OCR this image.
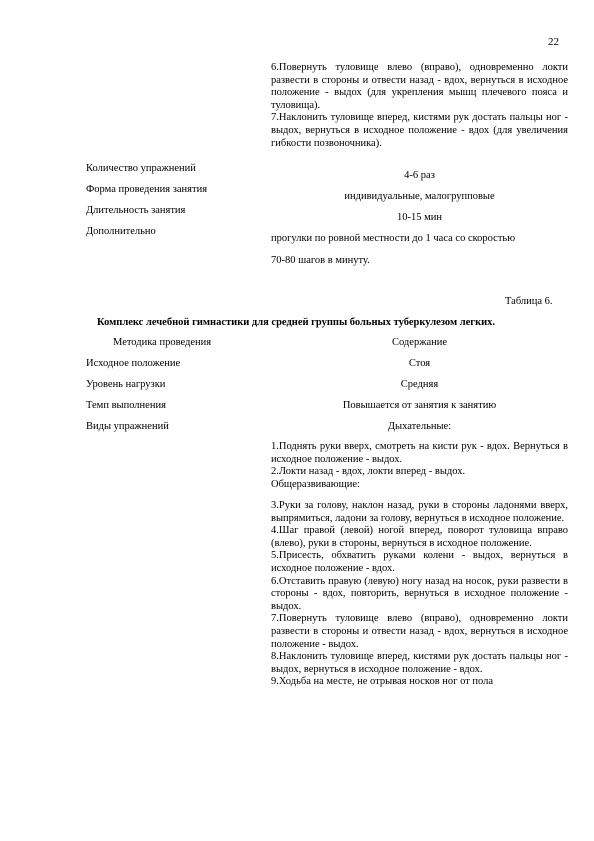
22

6.Повернуть туловище влево (вправо), одновременно локти развести в стороны и отвести назад - вдох, вернуться в исходное положение - выдох (для укрепления мышц плечевого пояса и туловища).

7.Наклонить туловище вперед, кистями рук достать пальцы ног - выдох, вернуться в исходное положение - вдох (для увеличения гибкости позвоночника).

Количество упражнений
4-6 раз
Форма проведения занятия
индивидуальные, малогрупповые
Длительность занятия
10-15 мин
Дополнительно
прогулки по ровной местности до 1 часа со скоростью
70-80 шагов в минуту.
Таблица 6.
Комплекс лечебной гимнастики для средней группы больных туберкулезом легких.
Методика проведения	Содержание
Исходное положение	Стоя
Уровень нагрузки	Средняя
Темп выполнения	Повышается от занятия к занятию
Виды упражнений	Дыхательные:

1.Поднять руки вверх, смотреть на кисти рук - вдох. Вернуться в исходное положение - выдох.

2.Локти назад - вдох, локти вперед - выдох.

Общеразвивающие:

3.Руки за голову, наклон назад, руки в стороны ладонями вверх, выпрямиться, ладони за голову, вернуться в исходное положение.

4.Шаг правой (левой) ногой вперед, поворот туловища вправо (влево), руки в стороны, вернуться в исходное положение.

5.Присесть, обхватить руками колени - выдох, вернуться в исходное положение - вдох.

6.Отставить правую (левую) ногу назад на носок, руки развести в стороны - вдох, повторить, вернуться в исходное положение - выдох.

7.Повернуть туловище влево (вправо), одновременно локти развести в стороны и отвести назад - вдох, вернуться в исходное положение - выдох.

8.Наклонить туловище вперед, кистями рук достать пальцы ног - выдох, вернуться в исходное положение - вдох.

9.Ходьба на месте, не отрывая носков ног от пола
